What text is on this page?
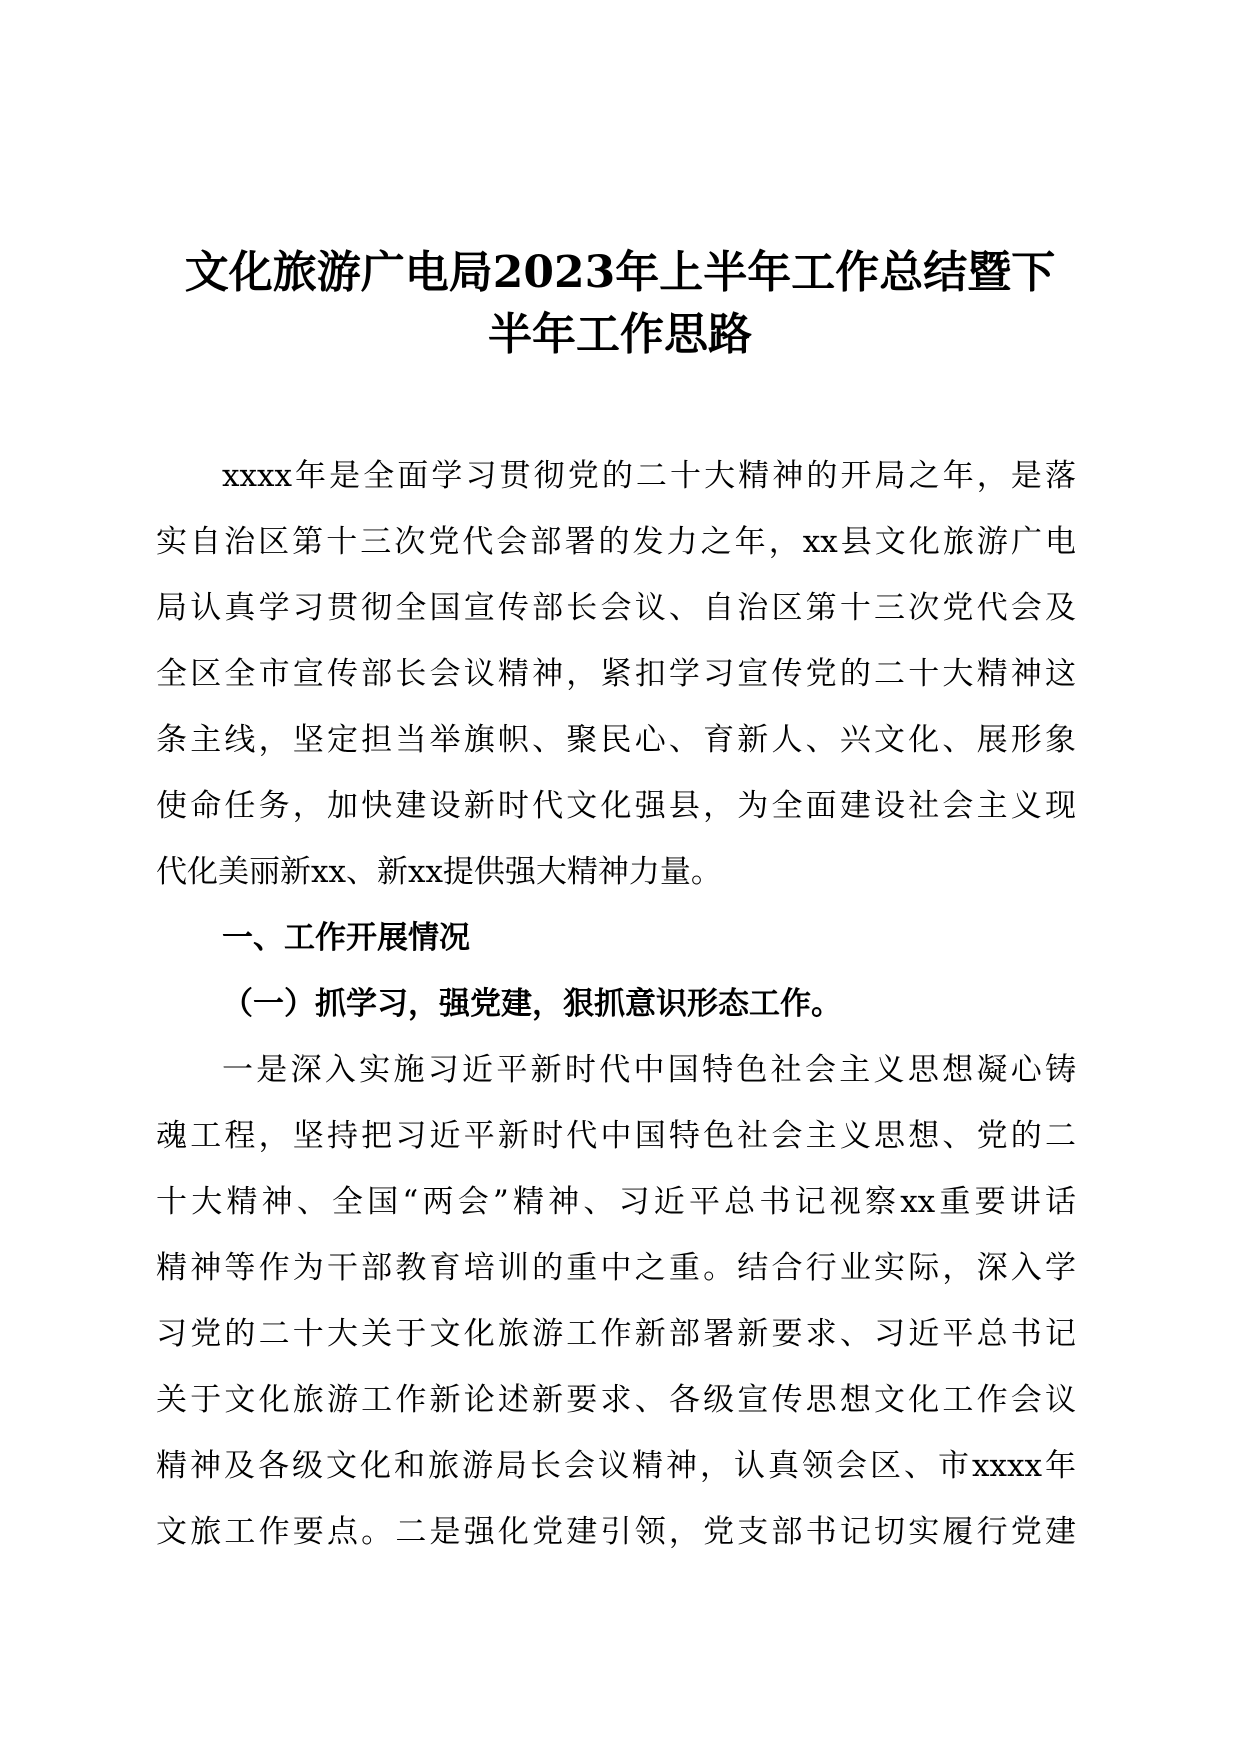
文化旅游广电局2023年上半年工作总结暨下
半年工作思路
xxxx年是全面学习贯彻党的二十大精神的开局之年，是落
实自治区第十三次党代会部署的发力之年，xx县文化旅游广电
局认真学习贯彻全国宣传部长会议、自治区第十三次党代会及
全区全市宣传部长会议精神，紧扣学习宣传党的二十大精神这
条主线，坚定担当举旗帜、聚民心、育新人、兴文化、展形象
使命任务，加快建设新时代文化强县，为全面建设社会主义现
代化美丽新xx、新xx提供强大精神力量。
一、工作开展情况
（一）抓学习，强党建，狠抓意识形态工作。
一是深入实施习近平新时代中国特色社会主义思想凝心铸
魂工程，坚持把习近平新时代中国特色社会主义思想、党的二
十大精神、全国“两会”精神、习近平总书记视察xx重要讲话
精神等作为干部教育培训的重中之重。结合行业实际，深入学
习党的二十大关于文化旅游工作新部署新要求、习近平总书记
关于文化旅游工作新论述新要求、各级宣传思想文化工作会议
精神及各级文化和旅游局长会议精神，认真领会区、市xxxx年
文旅工作要点。二是强化党建引领，党支部书记切实履行党建
